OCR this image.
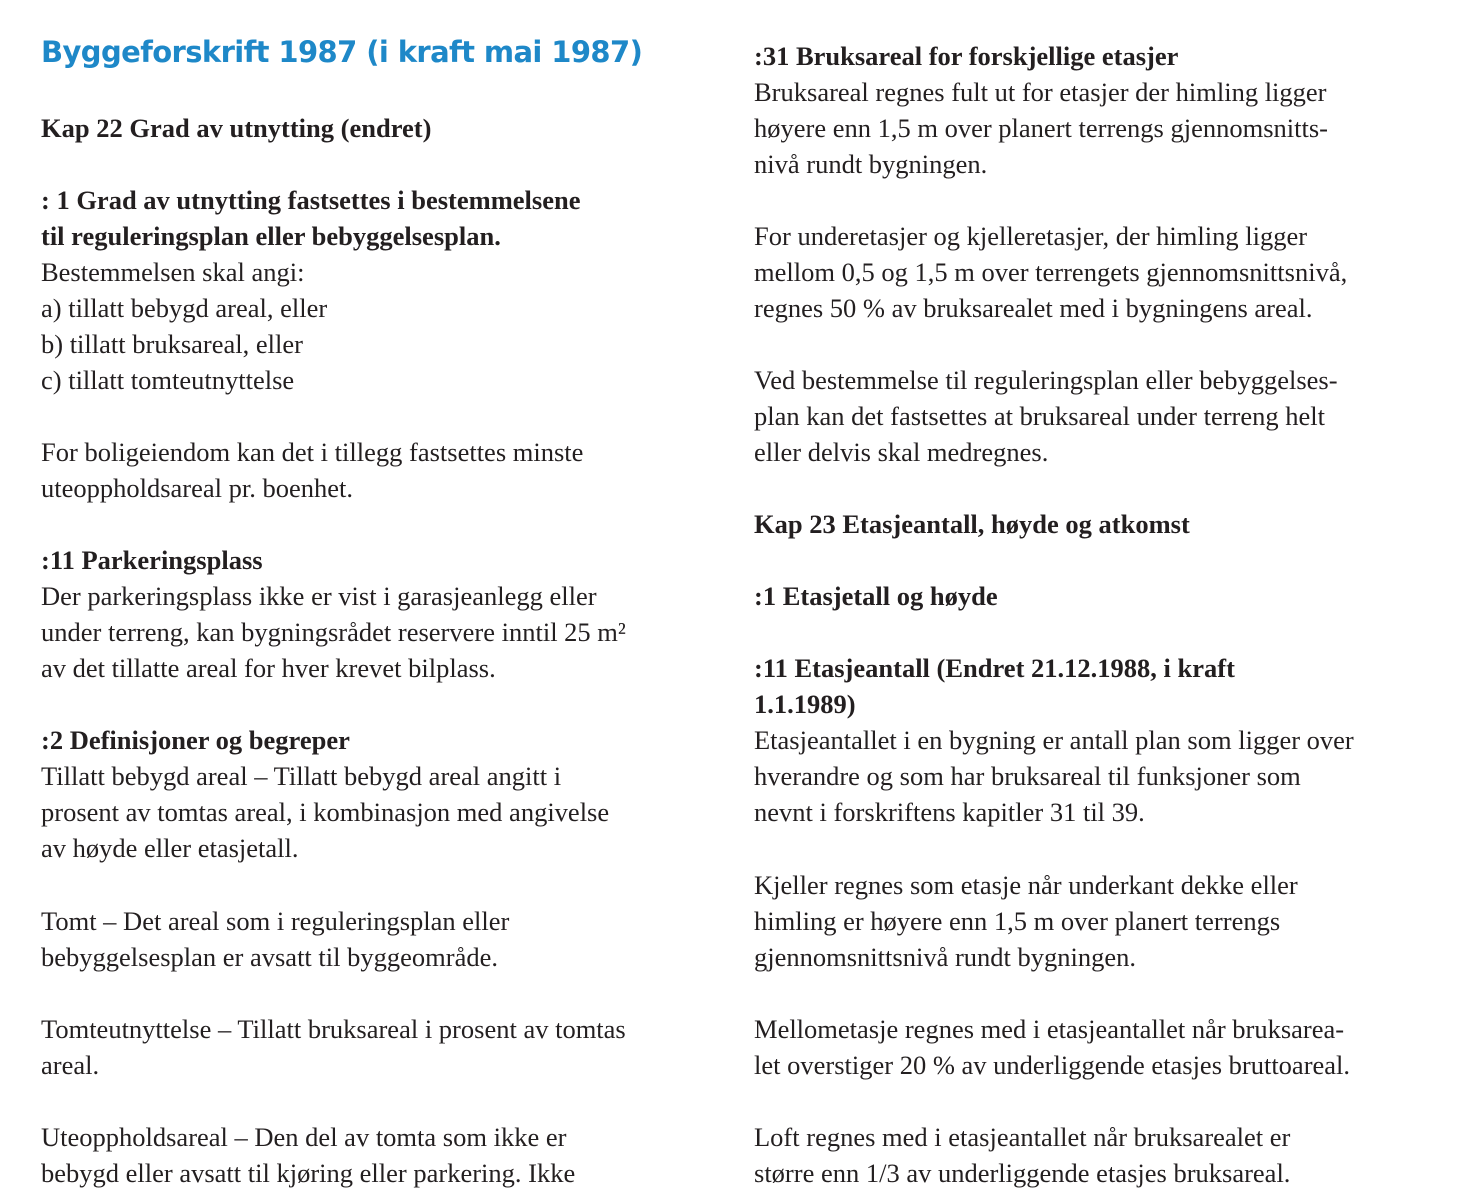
Byggeforskrift 1987 (i kraft mai 1987)
Kap 22 Grad av utnytting (endret)
: 1 Grad av utnytting fastsettes i bestemmelsene
til reguleringsplan eller bebyggelsesplan.
Bestemmelsen skal angi:
a) tillatt bebygd areal, eller
b) tillatt bruksareal, eller
c) tillatt tomteutnyttelse
For boligeiendom kan det i tillegg fastsettes minste
uteoppholdsareal pr. boenhet.
:11 Parkeringsplass
Der parkeringsplass ikke er vist i garasjeanlegg eller
under terreng, kan bygningsrådet reservere inntil 25 m²
av det tillatte areal for hver krevet bilplass.
:2 Definisjoner og begreper
Tillatt bebygd areal – Tillatt bebygd areal angitt i
prosent av tomtas areal, i kombinasjon med angivelse
av høyde eller etasjetall.
Tomt – Det areal som i reguleringsplan eller
bebyggelsesplan er avsatt til byggeområde.
Tomteutnyttelse – Tillatt bruksareal i prosent av tomtas
areal.
Uteoppholdsareal – Den del av tomta som ikke er
bebygd eller avsatt til kjøring eller parkering. Ikke
:31 Bruksareal for forskjellige etasjer
Bruksareal regnes fult ut for etasjer der himling ligger
høyere enn 1,5 m over planert terrengs gjennomsnitts-
nivå rundt bygningen.
For underetasjer og kjelleretasjer, der himling ligger
mellom 0,5 og 1,5 m over terrengets gjennomsnittsnivå,
regnes 50 % av bruksarealet med i bygningens areal.
Ved bestemmelse til reguleringsplan eller bebyggelses-
plan kan det fastsettes at bruksareal under terreng helt
eller delvis skal medregnes.
Kap 23 Etasjeantall, høyde og atkomst
:1 Etasjetall og høyde
:11 Etasjeantall (Endret 21.12.1988, i kraft
1.1.1989)
Etasjeantallet i en bygning er antall plan som ligger over
hverandre og som har bruksareal til funksjoner som
nevnt i forskriftens kapitler 31 til 39.
Kjeller regnes som etasje når underkant dekke eller
himling er høyere enn 1,5 m over planert terrengs
gjennomsnittsnivå rundt bygningen.
Mellometasje regnes med i etasjeantallet når bruksarea-
let overstiger 20 % av underliggende etasjes bruttoareal.
Loft regnes med i etasjeantallet når bruksarealet er
større enn 1/3 av underliggende etasjes bruksareal.
